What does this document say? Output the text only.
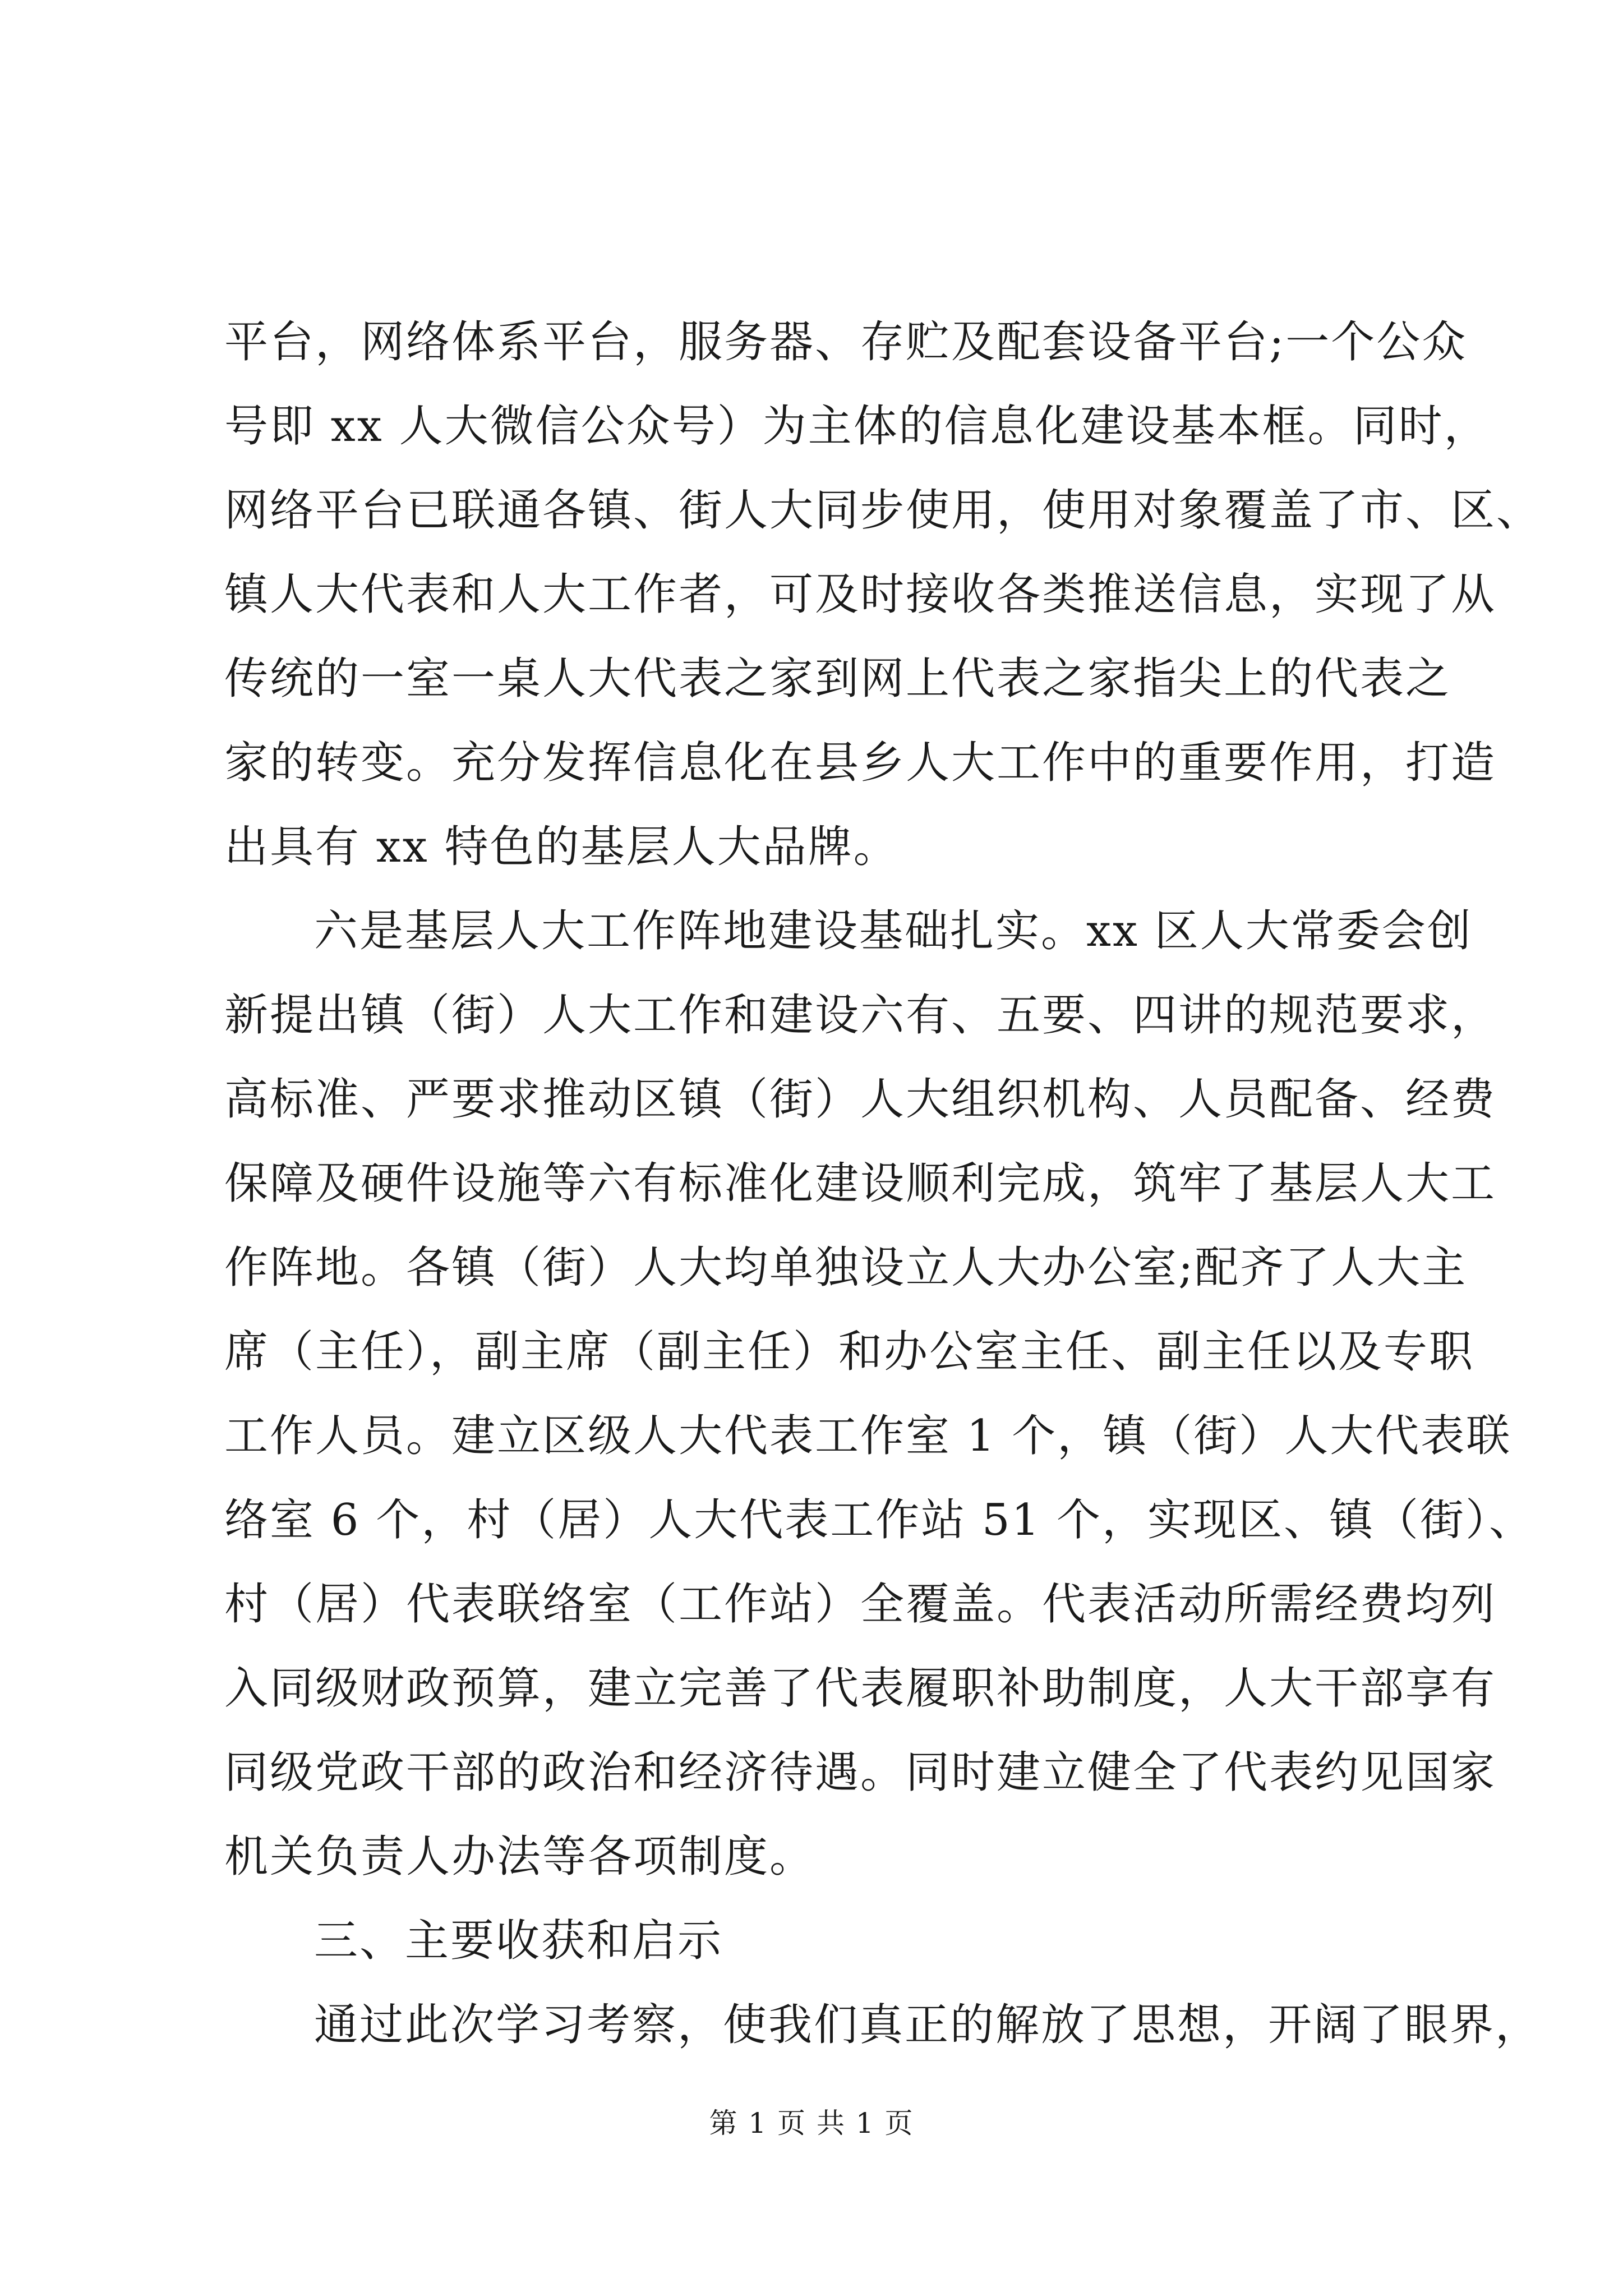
平台，网络体系平台，服务器、存贮及配套设备平台;一个公众
号即 xx 人大微信公众号）为主体的信息化建设基本框。同时，
网络平台已联通各镇、街人大同步使用，使用对象覆盖了市、区、
镇人大代表和人大工作者，可及时接收各类推送信息，实现了从
传统的一室一桌人大代表之家到网上代表之家指尖上的代表之
家的转变。充分发挥信息化在县乡人大工作中的重要作用，打造
出具有 xx 特色的基层人大品牌。
六是基层人大工作阵地建设基础扎实。xx 区人大常委会创
新提出镇（街）人大工作和建设六有、五要、四讲的规范要求，
高标准、严要求推动区镇（街）人大组织机构、人员配备、经费
保障及硬件设施等六有标准化建设顺利完成，筑牢了基层人大工
作阵地。各镇（街）人大均单独设立人大办公室;配齐了人大主
席（主任），副主席（副主任）和办公室主任、副主任以及专职
工作人员。建立区级人大代表工作室 1 个，镇（街）人大代表联
络室 6 个，村（居）人大代表工作站 51 个，实现区、镇（街）、
村（居）代表联络室（工作站）全覆盖。代表活动所需经费均列
入同级财政预算，建立完善了代表履职补助制度，人大干部享有
同级党政干部的政治和经济待遇。同时建立健全了代表约见国家
机关负责人办法等各项制度。
三、主要收获和启示
通过此次学习考察，使我们真正的解放了思想，开阔了眼界，
第 1 页 共 1 页
